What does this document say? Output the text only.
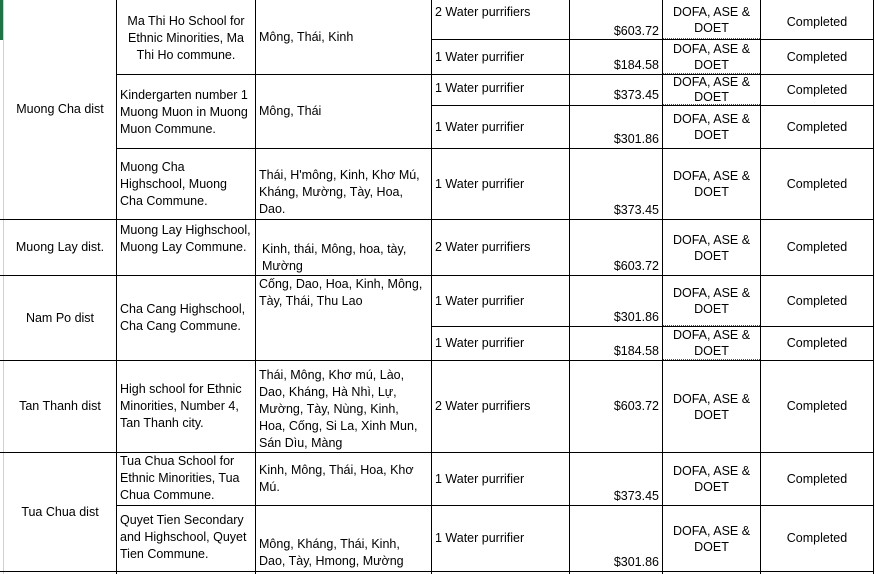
Muong Cha dist
Muong Lay dist.
Nam Po dist
Tan Thanh dist
Tua Chua dist
Ma Thi Ho School for Ethnic Minorities, Ma Thi Ho commune.
Kindergarten number 1 Muong Muon in Muong Muon Commune.
Muong Cha Highschool, Muong Cha Commune.
Muong Lay Highschool, Muong Lay Commune.
Cha Cang Highschool, Cha Cang Commune.
High school for Ethnic Minorities, Number 4, Tan Thanh city.
Tua Chua School for Ethnic Minorities, Tua Chua Commune.
Quyet Tien Secondary and Highschool, Quyet Tien Commune.
Mông, Thái, Kinh
Mông, Thái
Thái, H'mông, Kinh, Khơ Mú, Kháng, Mường, Tày, Hoa, Dao.
Kinh, thái, Mông, hoa, tày, Mường
Cống, Dao, Hoa, Kinh, Mông, Tày, Thái, Thu Lao
Thái, Mông, Khơ mú, Lào, Dao, Kháng, Hà Nhì, Lự, Mường, Tày, Nùng, Kinh, Hoa, Cống, Si La, Xinh Mun, Sán Dìu, Màng
Kinh, Mông, Thái, Hoa, Khơ Mú.
Mông, Kháng, Thái, Kinh, Dao, Tày, Hmong, Mường
2 Water purrifiers
1 Water purrifier
1 Water purrifier
1 Water purrifier
1 Water purrifier
2 Water purrifiers
1 Water purrifier
1 Water purrifier
2 Water purrifiers
1 Water purrifier
1 Water purrifier
$603.72
$184.58
$373.45
$301.86
$373.45
$603.72
$301.86
$184.58
$603.72
$373.45
$301.86
DOFA, ASE & DOET
DOFA, ASE & DOET
DOFA, ASE & DOET
DOFA, ASE & DOET
DOFA, ASE & DOET
DOFA, ASE & DOET
DOFA, ASE & DOET
DOFA, ASE & DOET
DOFA, ASE & DOET
DOFA, ASE & DOET
DOFA, ASE & DOET
Completed
Completed
Completed
Completed
Completed
Completed
Completed
Completed
Completed
Completed
Completed
